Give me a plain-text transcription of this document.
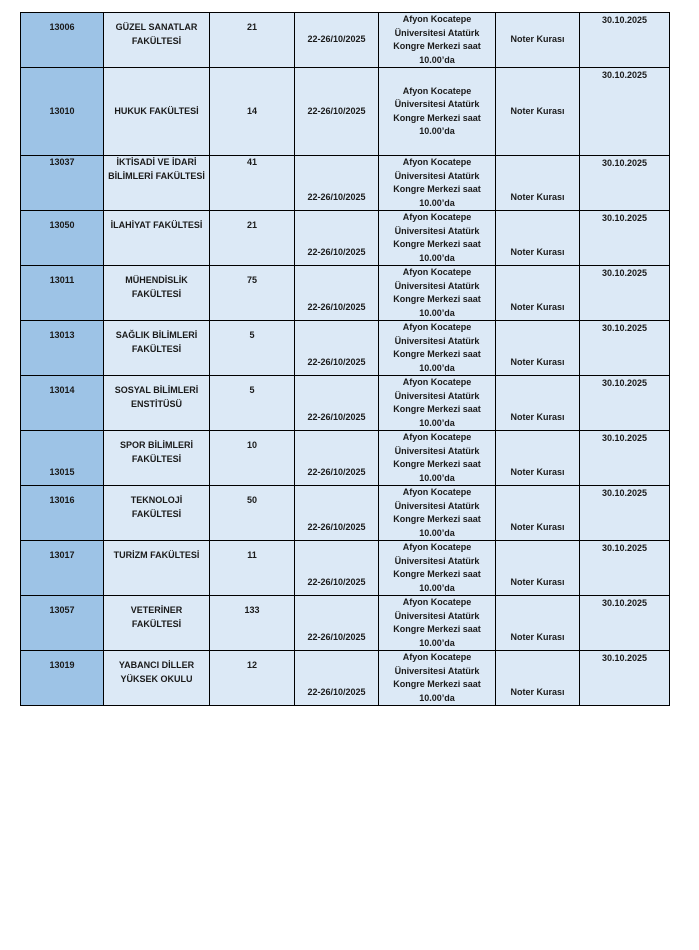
13006	GÜZEL SANATLAR FAKÜLTESİ	21	22-26/10/2025	Afyon Kocatepe Üniversitesi Atatürk Kongre Merkezi saat 10.00’da	Noter Kurası	30.10.2025
13010	HUKUK FAKÜLTESİ	14	22-26/10/2025	Afyon Kocatepe Üniversitesi Atatürk Kongre Merkezi saat 10.00’da	Noter Kurası	30.10.2025
13037	İKTİSADİ VE İDARİ BİLİMLERİ FAKÜLTESİ	41	22-26/10/2025	Afyon Kocatepe Üniversitesi Atatürk Kongre Merkezi saat 10.00’da	Noter Kurası	30.10.2025
13050	İLAHİYAT FAKÜLTESİ	21	22-26/10/2025	Afyon Kocatepe Üniversitesi Atatürk Kongre Merkezi saat 10.00’da	Noter Kurası	30.10.2025
13011	MÜHENDİSLİK FAKÜLTESİ	75	22-26/10/2025	Afyon Kocatepe Üniversitesi Atatürk Kongre Merkezi saat 10.00’da	Noter Kurası	30.10.2025
13013	SAĞLIK BİLİMLERİ FAKÜLTESİ	5	22-26/10/2025	Afyon Kocatepe Üniversitesi Atatürk Kongre Merkezi saat 10.00’da	Noter Kurası	30.10.2025
13014	SOSYAL BİLİMLERİ ENSTİTÜSÜ	5	22-26/10/2025	Afyon Kocatepe Üniversitesi Atatürk Kongre Merkezi saat 10.00’da	Noter Kurası	30.10.2025
13015	SPOR BİLİMLERİ FAKÜLTESİ	10	22-26/10/2025	Afyon Kocatepe Üniversitesi Atatürk Kongre Merkezi saat 10.00’da	Noter Kurası	30.10.2025
13016	TEKNOLOJİ FAKÜLTESİ	50	22-26/10/2025	Afyon Kocatepe Üniversitesi Atatürk Kongre Merkezi saat 10.00’da	Noter Kurası	30.10.2025
13017	TURİZM FAKÜLTESİ	11	22-26/10/2025	Afyon Kocatepe Üniversitesi Atatürk Kongre Merkezi saat 10.00’da	Noter Kurası	30.10.2025
13057	VETERİNER FAKÜLTESİ	133	22-26/10/2025	Afyon Kocatepe Üniversitesi Atatürk Kongre Merkezi saat 10.00’da	Noter Kurası	30.10.2025
13019	YABANCI DİLLER YÜKSEK OKULU	12	22-26/10/2025	Afyon Kocatepe Üniversitesi Atatürk Kongre Merkezi saat 10.00’da	Noter Kurası	30.10.2025
